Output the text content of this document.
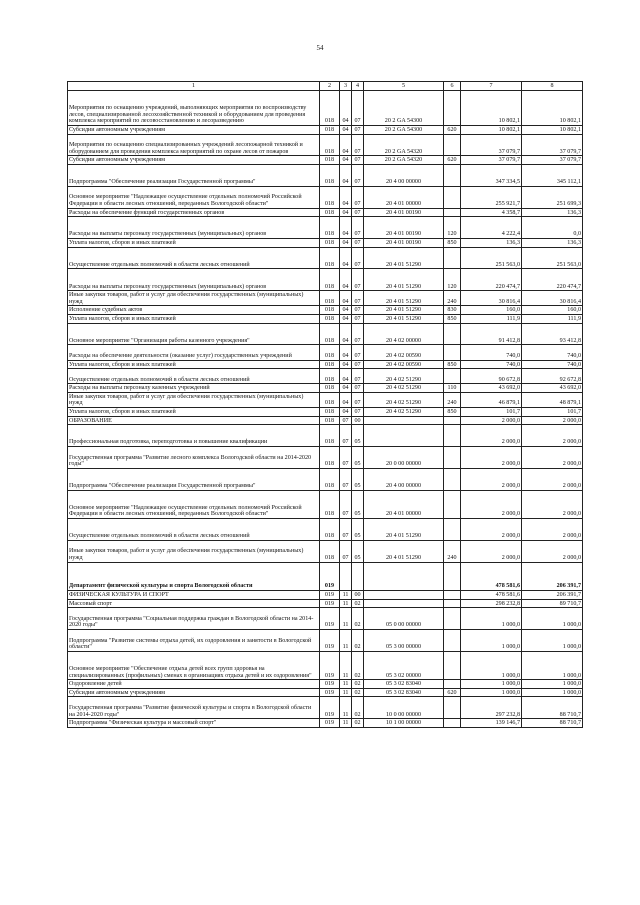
54
1	2	3	4	5	6	7	8
Мероприятия по оснащению учреждений, выполняющих мероприятия по воспроизводству лесов, специализированной лесохозяйственной техникой и оборудованием для проведения комплекса мероприятий по лесовосстановлению и лесоразведению	018	04	07	20 2 GA 54300		10 802,1	10 802,1
Субсидии автономным учреждениям	018	04	07	20 2 GA 54300	620	10 802,1	10 802,1
Мероприятия по оснащению специализированных учреждений лесопожарной техникой и оборудованием для проведения комплекса мероприятий по охране лесов от пожаров	018	04	07	20 2 GA 54320		37 079,7	37 079,7
Субсидии автономным учреждениям	018	04	07	20 2 GA 54320	620	37 079,7	37 079,7
Подпрограмма "Обеспечение реализации Государственной программы"	018	04	07	20 4 00 00000		347 334,5	345 112,1
Основное мероприятие "Надлежащее осуществление отдельных полномочий Российской Федерации в области лесных отношений, переданных Вологодской области"	018	04	07	20 4 01 00000		255 921,7	251 699,3
Расходы на обеспечение функций государственных органов	018	04	07	20 4 01 00190		4 358,7	136,3
Расходы на выплаты персоналу государственных (муниципальных) органов	018	04	07	20 4 01 00190	120	4 222,4	0,0
Уплата налогов, сборов и иных платежей	018	04	07	20 4 01 00190	850	136,3	136,3
Осуществление отдельных полномочий в области лесных отношений	018	04	07	20 4 01 51290		251 563,0	251 563,0
Расходы на выплаты персоналу государственных (муниципальных) органов	018	04	07	20 4 01 51290	120	220 474,7	220 474,7
Иные закупки товаров, работ и услуг для обеспечения государственных (муниципальных) нужд	018	04	07	20 4 01 51290	240	30 816,4	30 816,4
Исполнение судебных актов	018	04	07	20 4 01 51290	830	160,0	160,0
Уплата налогов, сборов и иных платежей	018	04	07	20 4 01 51290	850	111,9	111,9
Основное мероприятие "Организация работы казенного учреждения"	018	04	07	20 4 02 00000		91 412,8	93 412,8
Расходы на обеспечение деятельности (оказание услуг) государственных учреждений	018	04	07	20 4 02 00590		740,0	740,0
Уплата налогов, сборов и иных платежей	018	04	07	20 4 02 00590	850	740,0	740,0
Осуществление отдельных полномочий в области лесных отношений	018	04	07	20 4 02 51290		90 672,8	92 672,8
Расходы на выплаты персоналу казенных учреждений	018	04	07	20 4 02 51290	110	43 692,0	43 692,0
Иные закупки товаров, работ и услуг для обеспечения государственных (муниципальных) нужд	018	04	07	20 4 02 51290	240	46 879,1	48 879,1
Уплата налогов, сборов и иных платежей	018	04	07	20 4 02 51290	850	101,7	101,7
ОБРАЗОВАНИЕ	018	07	00			2 000,0	2 000,0
Профессиональная подготовка, переподготовка и повышение квалификации	018	07	05			2 000,0	2 000,0
Государственная программа "Развитие лесного комплекса Вологодской области на 2014-2020 годы"	018	07	05	20 0 00 00000		2 000,0	2 000,0
Подпрограмма "Обеспечение реализации Государственной программы"	018	07	05	20 4 00 00000		2 000,0	2 000,0
Основное мероприятие "Надлежащее осуществление отдельных полномочий Российской Федерации в области лесных отношений, переданных Вологодской области"	018	07	05	20 4 01 00000		2 000,0	2 000,0
Осуществление отдельных полномочий в области лесных отношений	018	07	05	20 4 01 51290		2 000,0	2 000,0
Иные закупки товаров, работ и услуг для обеспечения государственных (муниципальных) нужд	018	07	05	20 4 01 51290	240	2 000,0	2 000,0
Департамент физической культуры и спорта Вологодской области	019					478 581,6	206 391,7
ФИЗИЧЕСКАЯ КУЛЬТУРА И СПОРТ	019	11	00			478 581,6	206 391,7
Массовый спорт	019	11	02			298 232,8	89 710,7
Государственная программа "Социальная поддержка граждан в Вологодской области на 2014-2020 годы"	019	11	02	05 0 00 00000		1 000,0	1 000,0
Подпрограмма "Развитие системы отдыха детей, их оздоровления и занятости в Вологодской области"	019	11	02	05 3 00 00000		1 000,0	1 000,0
Основное мероприятие "Обеспечение отдыха детей всех групп здоровья на специализированных (профильных) сменах в организациях отдыха детей и их оздоровления"	019	11	02	05 3 02 00000		1 000,0	1 000,0
Оздоровление детей	019	11	02	05 3 02 83040		1 000,0	1 000,0
Субсидии автономным учреждениям	019	11	02	05 3 02 83040	620	1 000,0	1 000,0
Государственная программа "Развитие физической культуры и спорта в Вологодской области на 2014-2020 годы"	019	11	02	10 0 00 00000		297 232,8	88 710,7
Подпрограмма "Физическая культура и массовый спорт"	019	11	02	10 1 00 00000		139 146,7	88 710,7
